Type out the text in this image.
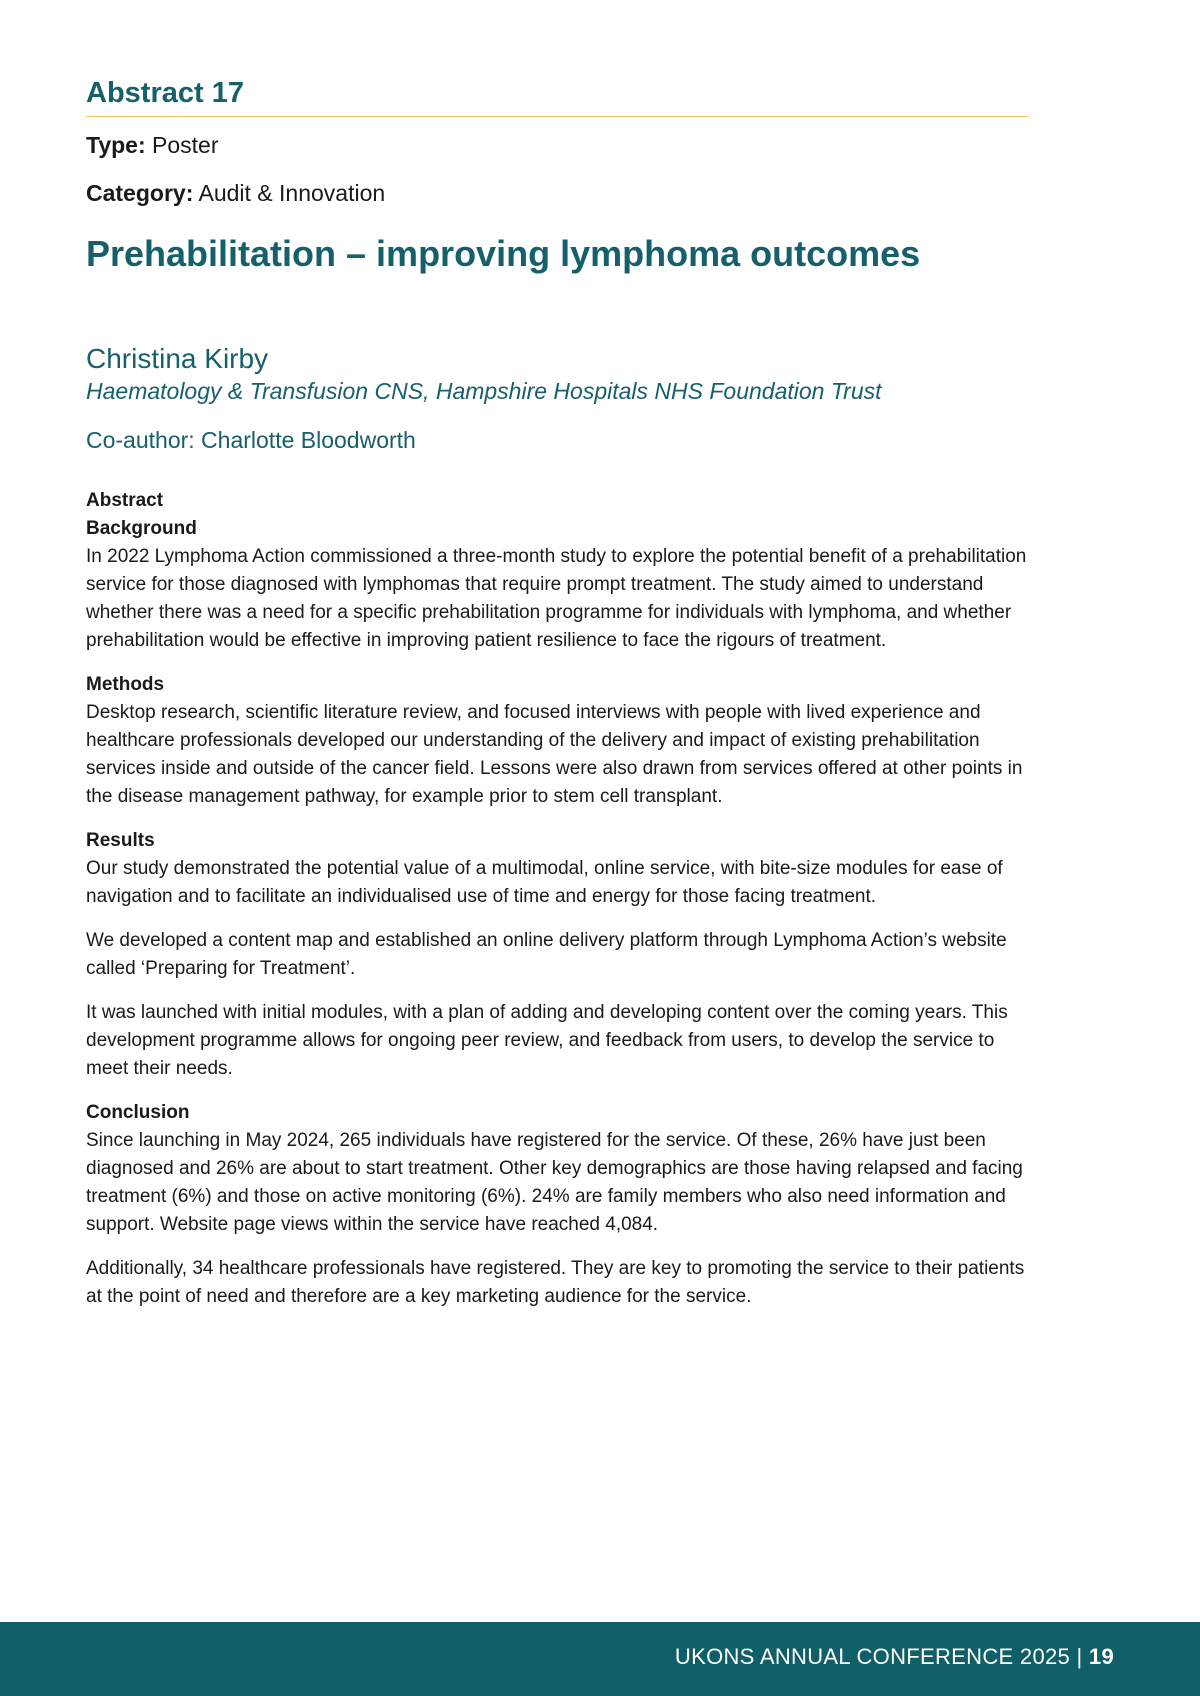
Abstract 17

Type: Poster

Category: Audit & Innovation

Prehabilitation – improving lymphoma outcomes

Christina Kirby

Haematology & Transfusion CNS, Hampshire Hospitals NHS Foundation Trust

Co-author: Charlotte Bloodworth

Abstract

Background

In 2022 Lymphoma Action commissioned a three-month study to explore the potential benefit of a prehabilitation service for those diagnosed with lymphomas that require prompt treatment. The study aimed to understand whether there was a need for a specific prehabilitation programme for individuals with lymphoma, and whether prehabilitation would be effective in improving patient resilience to face the rigours of treatment.

Methods

Desktop research, scientific literature review, and focused interviews with people with lived experience and healthcare professionals developed our understanding of the delivery and impact of existing prehabilitation services inside and outside of the cancer field. Lessons were also drawn from services offered at other points in the disease management pathway, for example prior to stem cell transplant.

Results

Our study demonstrated the potential value of a multimodal, online service, with bite-size modules for ease of navigation and to facilitate an individualised use of time and energy for those facing treatment.

We developed a content map and established an online delivery platform through Lymphoma Action’s website called ‘Preparing for Treatment’.

It was launched with initial modules, with a plan of adding and developing content over the coming years. This development programme allows for ongoing peer review, and feedback from users, to develop the service to meet their needs.

Conclusion

Since launching in May 2024, 265 individuals have registered for the service. Of these, 26% have just been diagnosed and 26% are about to start treatment. Other key demographics are those having relapsed and facing treatment (6%) and those on active monitoring (6%). 24% are family members who also need information and support. Website page views within the service have reached 4,084.

Additionally, 34 healthcare professionals have registered. They are key to promoting the service to their patients at the point of need and therefore are a key marketing audience for the service.

UKONS ANNUAL CONFERENCE 2025 | 19
